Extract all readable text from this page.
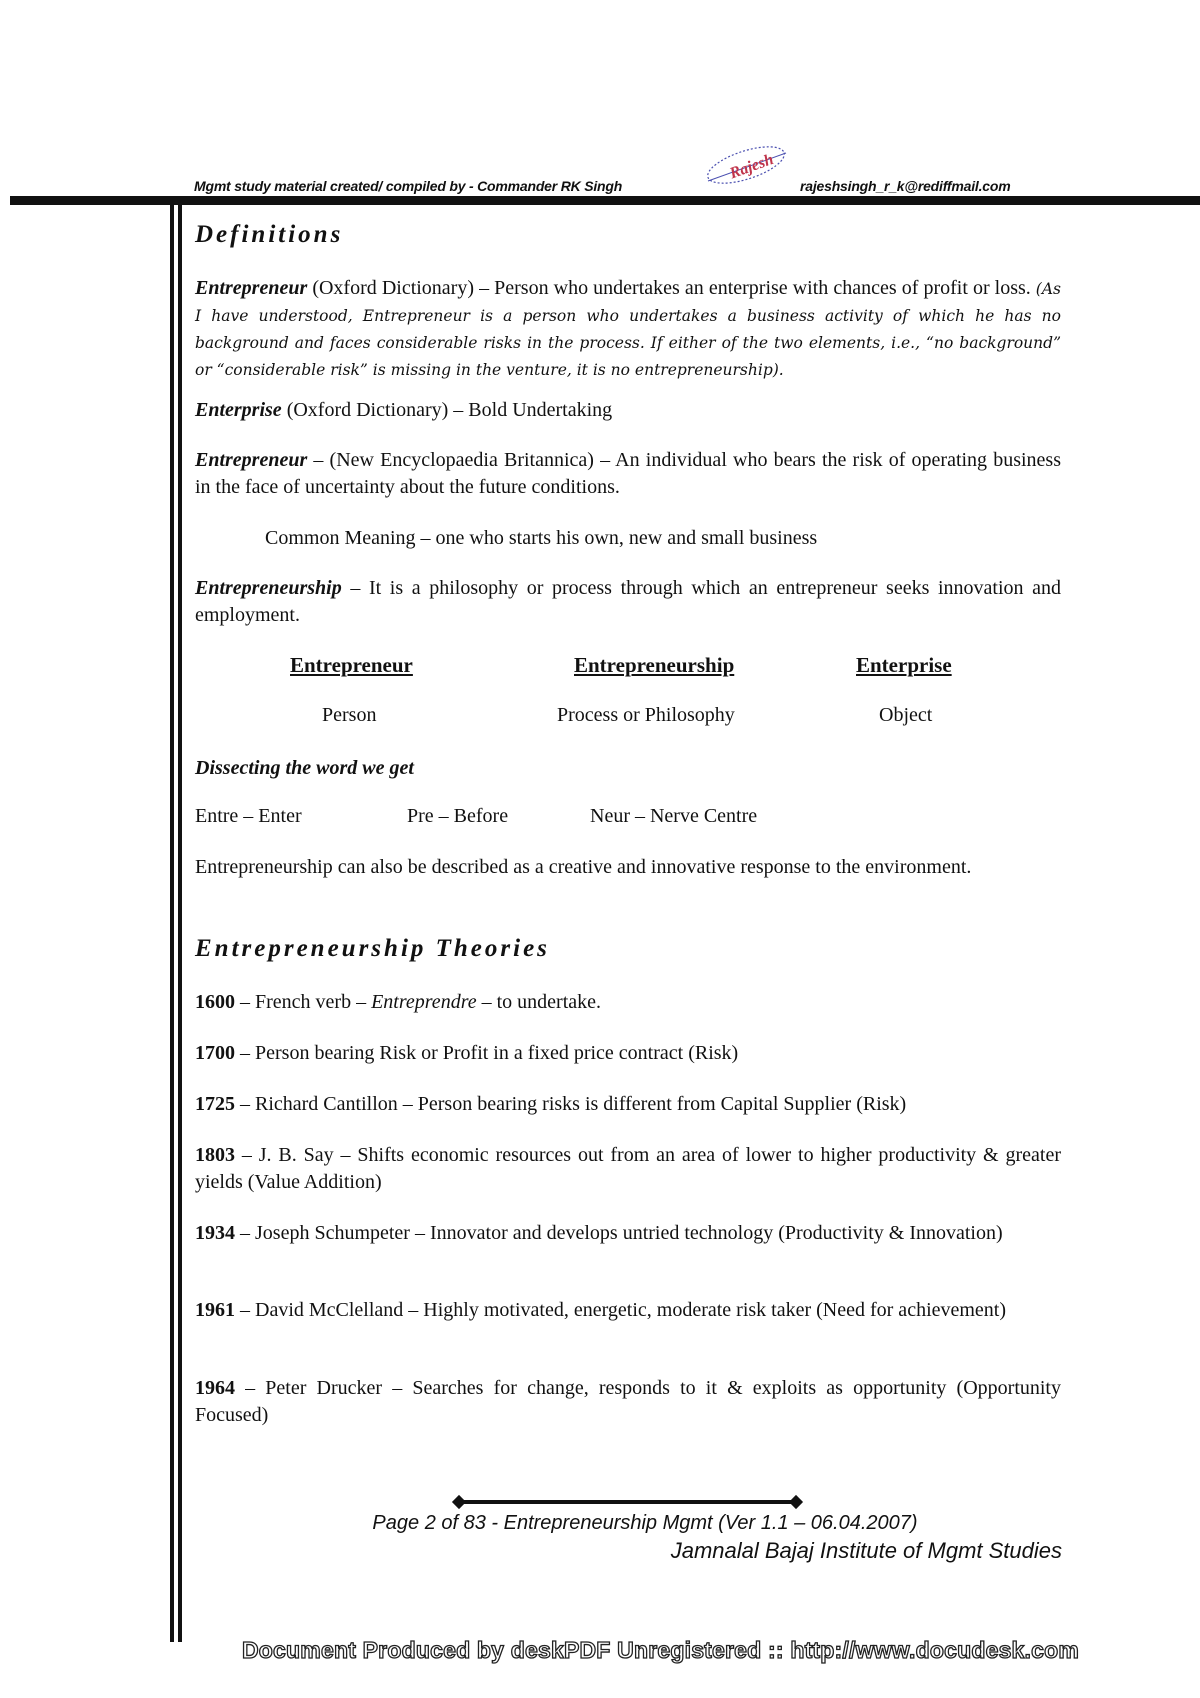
Mgmt study material created/ compiled by - Commander RK Singh
Rajesh
rajeshsingh_r_k@rediffmail.com
Definitions

Entrepreneur (Oxford Dictionary) – Person who undertakes an enterprise with chances of profit or loss. (As I have understood, Entrepreneur is a person who undertakes a business activity of which he has no background and faces considerable risks in the process. If either of the two elements, i.e., “no background” or “considerable risk” is missing in the venture, it is no entrepreneurship).

Enterprise (Oxford Dictionary) – Bold Undertaking

Entrepreneur – (New Encyclopaedia Britannica) – An individual who bears the risk of operating business in the face of uncertainty about the future conditions.

Common Meaning – one who starts his own, new and small business

Entrepreneurship – It is a philosophy or process through which an entrepreneur seeks innovation and employment.

Entrepreneur	Entrepreneurship	Enterprise
Person	Process or Philosophy	Object
Dissecting the word we get
Entre – Enter	Pre – Before	Neur – Nerve Centre
Entrepreneurship can also be described as a creative and innovative response to the environment.
Entrepreneurship Theories

1600 – French verb – Entreprendre – to undertake.

1700 – Person bearing Risk or Profit in a fixed price contract (Risk)

1725 – Richard Cantillon – Person bearing risks is different from Capital Supplier (Risk)

1803 – J. B. Say – Shifts economic resources out from an area of lower to higher productivity & greater yields (Value Addition)

1934 – Joseph Schumpeter – Innovator and develops untried technology (Productivity & Innovation)

1961 – David McClelland – Highly motivated, energetic, moderate risk taker (Need for achievement)

1964 – Peter Drucker – Searches for change, responds to it & exploits as opportunity (Opportunity Focused)

Page 2 of 83 - Entrepreneurship Mgmt (Ver 1.1 – 06.04.2007)
Jamnalal Bajaj Institute of Mgmt Studies
Document Produced by deskPDF Unregistered :: http://www.docudesk.com
